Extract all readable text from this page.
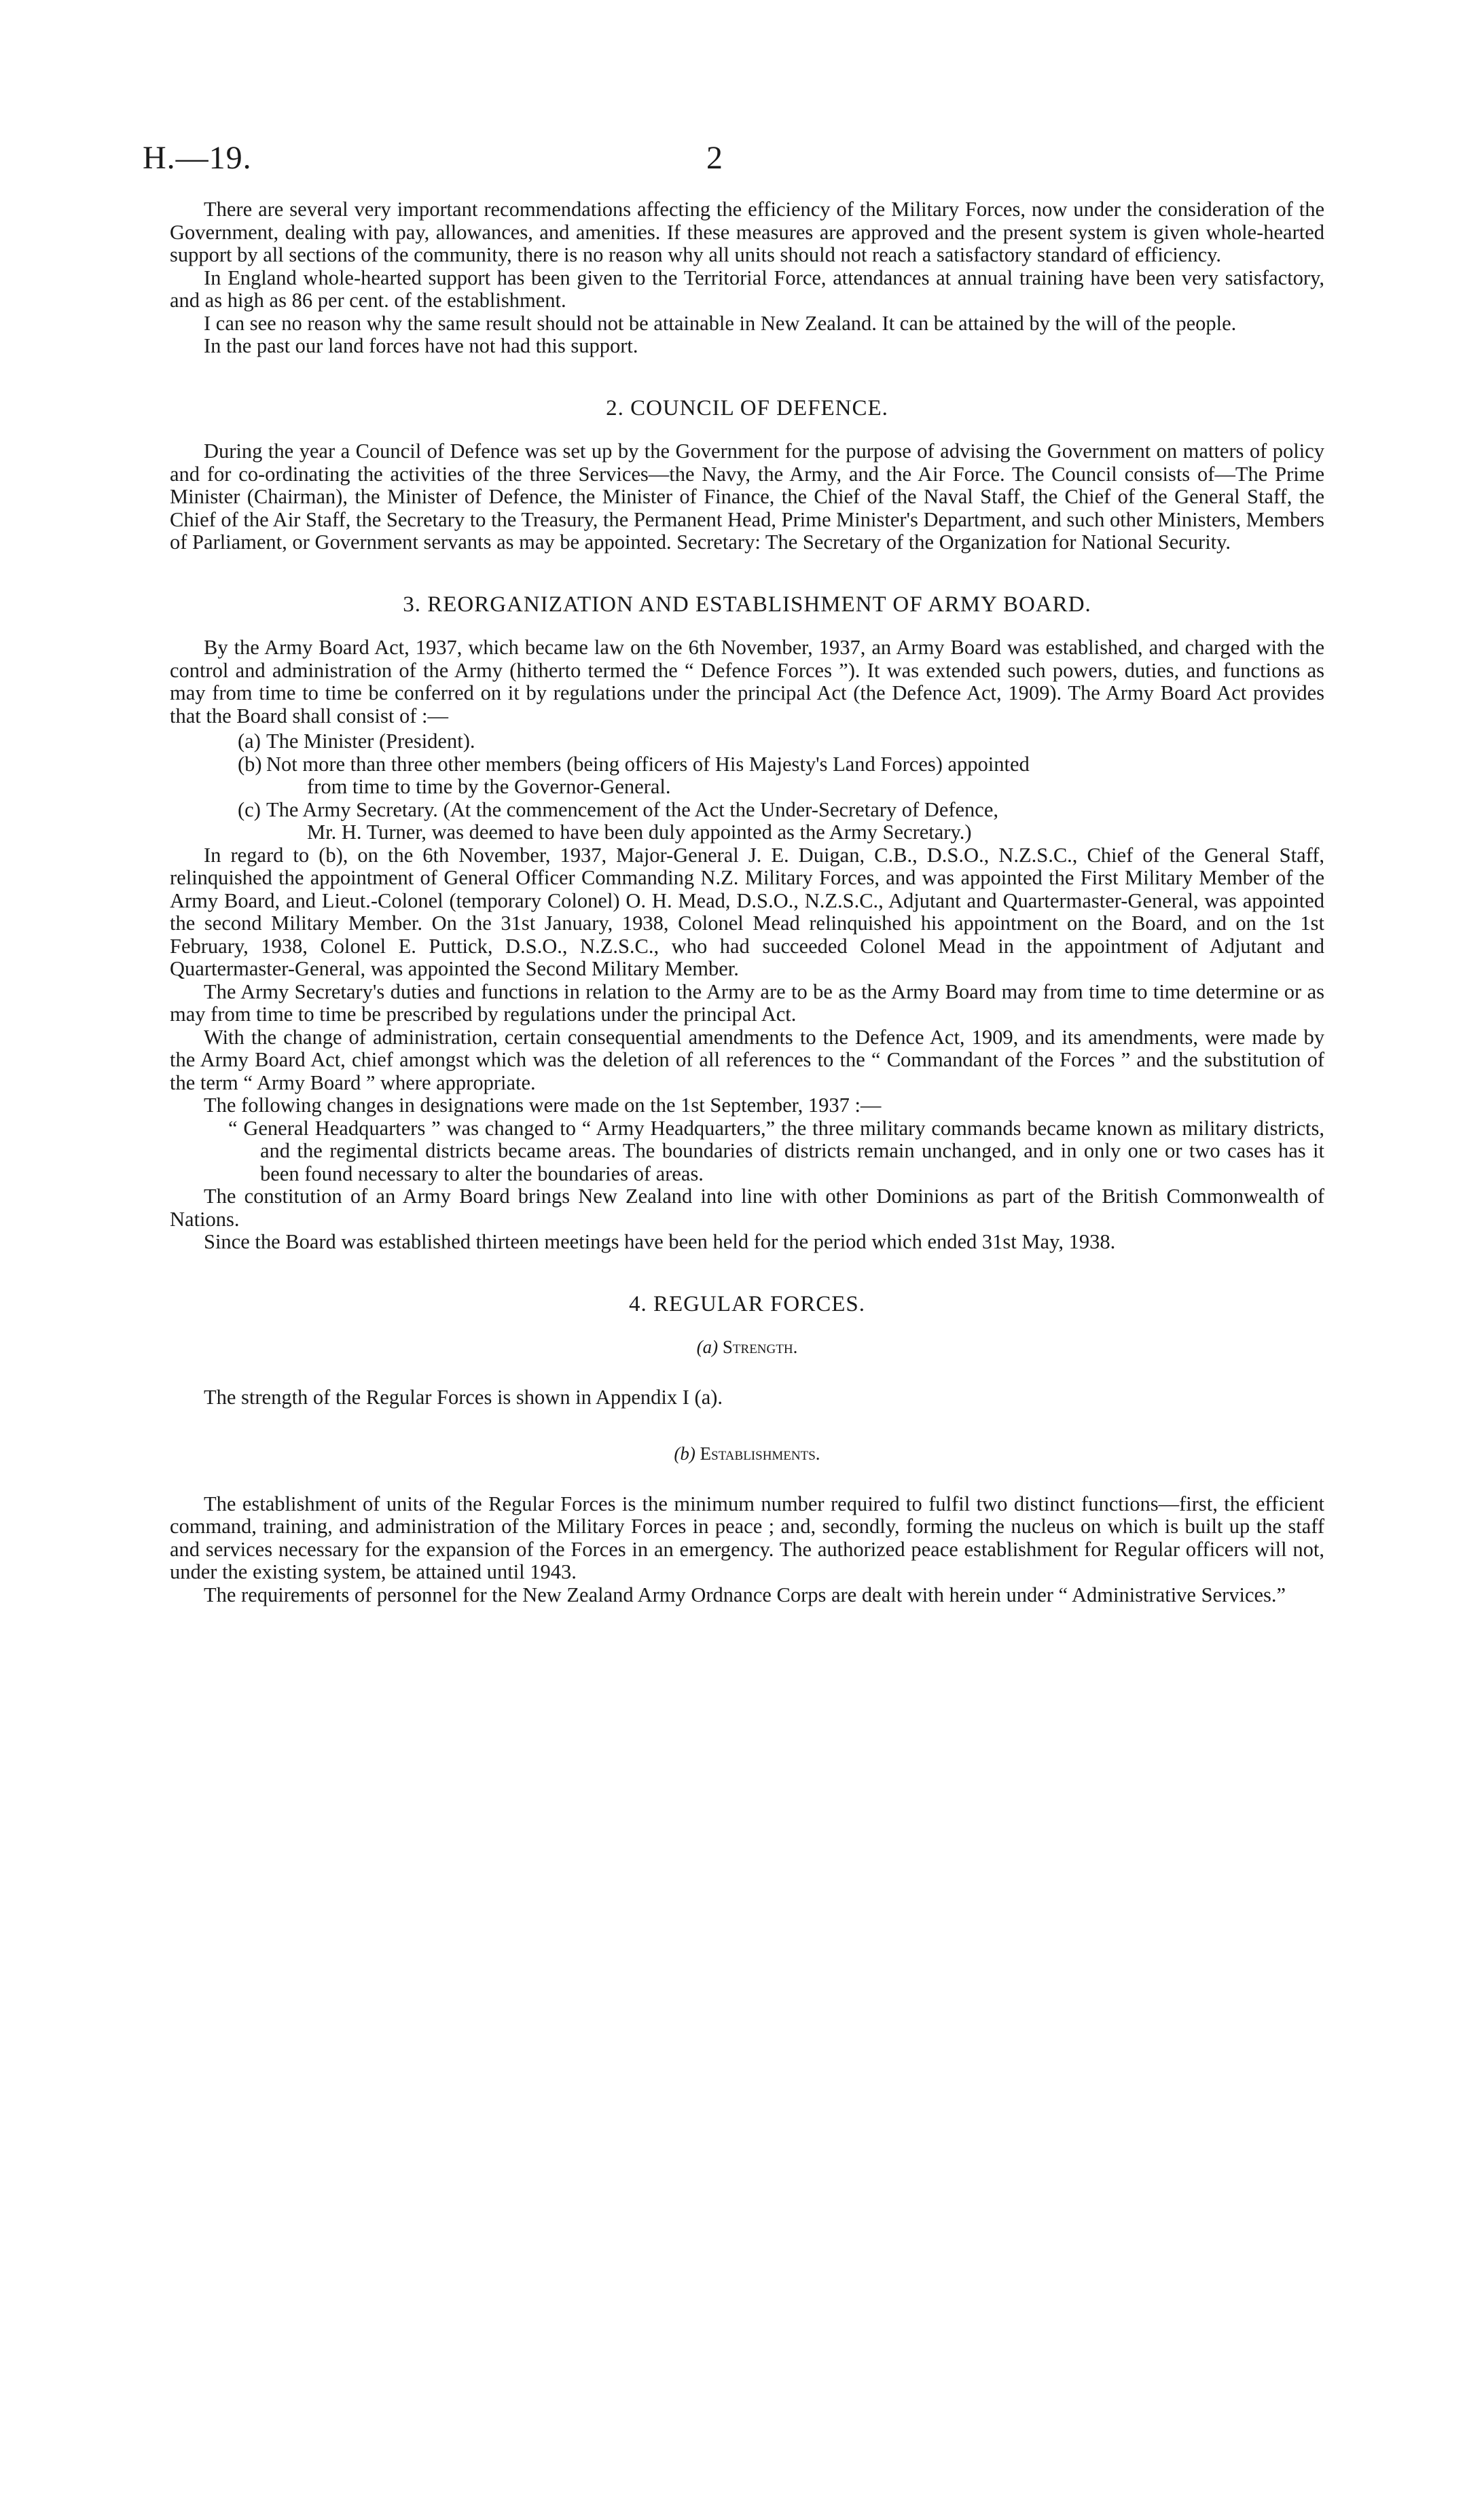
H.—19.	2

There are several very important recommendations affecting the efficiency of the Military Forces, now under the consideration of the Government, dealing with pay, allowances, and amenities. If these measures are approved and the present system is given whole-hearted support by all sections of the community, there is no reason why all units should not reach a satisfactory standard of efficiency.

In England whole-hearted support has been given to the Territorial Force, attendances at annual training have been very satisfactory, and as high as 86 per cent. of the establishment.

I can see no reason why the same result should not be attainable in New Zealand. It can be attained by the will of the people.

In the past our land forces have not had this support.

2. COUNCIL OF DEFENCE.

During the year a Council of Defence was set up by the Government for the purpose of advising the Government on matters of policy and for co-ordinating the activities of the three Services—the Navy, the Army, and the Air Force. The Council consists of—The Prime Minister (Chairman), the Minister of Defence, the Minister of Finance, the Chief of the Naval Staff, the Chief of the General Staff, the Chief of the Air Staff, the Secretary to the Treasury, the Permanent Head, Prime Minister's Department, and such other Ministers, Members of Parliament, or Government servants as may be appointed. Secretary: The Secretary of the Organization for National Security.

3. REORGANIZATION AND ESTABLISHMENT OF ARMY BOARD.

By the Army Board Act, 1937, which became law on the 6th November, 1937, an Army Board was established, and charged with the control and administration of the Army (hitherto termed the “ Defence Forces ”). It was extended such powers, duties, and functions as may from time to time be conferred on it by regulations under the principal Act (the Defence Act, 1909). The Army Board Act provides that the Board shall consist of :—

(a) The Minister (President).
(b) Not more than three other members (being officers of His Majesty's Land Forces) appointed
from time to time by the Governor-General.
(c) The Army Secretary. (At the commencement of the Act the Under-Secretary of Defence,
Mr. H. Turner, was deemed to have been duly appointed as the Army Secretary.)

In regard to (b), on the 6th November, 1937, Major-General J. E. Duigan, C.B., D.S.O., N.Z.S.C., Chief of the General Staff, relinquished the appointment of General Officer Commanding N.Z. Military Forces, and was appointed the First Military Member of the Army Board, and Lieut.-Colonel (temporary Colonel) O. H. Mead, D.S.O., N.Z.S.C., Adjutant and Quartermaster-General, was appointed the second Military Member. On the 31st January, 1938, Colonel Mead relinquished his appointment on the Board, and on the 1st February, 1938, Colonel E. Puttick, D.S.O., N.Z.S.C., who had succeeded Colonel Mead in the appointment of Adjutant and Quartermaster-General, was appointed the Second Military Member.

The Army Secretary's duties and functions in relation to the Army are to be as the Army Board may from time to time determine or as may from time to time be prescribed by regulations under the principal Act.

With the change of administration, certain consequential amendments to the Defence Act, 1909, and its amendments, were made by the Army Board Act, chief amongst which was the deletion of all references to the “ Commandant of the Forces ” and the substitution of the term “ Army Board ” where appropriate.

The following changes in designations were made on the 1st September, 1937 :—

“ General Headquarters ” was changed to “ Army Headquarters,” the three military commands became known as military districts, and the regimental districts became areas. The boundaries of districts remain unchanged, and in only one or two cases has it been found necessary to alter the boundaries of areas.

The constitution of an Army Board brings New Zealand into line with other Dominions as part of the British Commonwealth of Nations.

Since the Board was established thirteen meetings have been held for the period which ended 31st May, 1938.

4. REGULAR FORCES.
(a) Strength.

The strength of the Regular Forces is shown in Appendix I (a).

(b) Establishments.

The establishment of units of the Regular Forces is the minimum number required to fulfil two distinct functions—first, the efficient command, training, and administration of the Military Forces in peace ; and, secondly, forming the nucleus on which is built up the staff and services necessary for the expansion of the Forces in an emergency. The authorized peace establishment for Regular officers will not, under the existing system, be attained until 1943.

The requirements of personnel for the New Zealand Army Ordnance Corps are dealt with herein under “ Administrative Services.”
